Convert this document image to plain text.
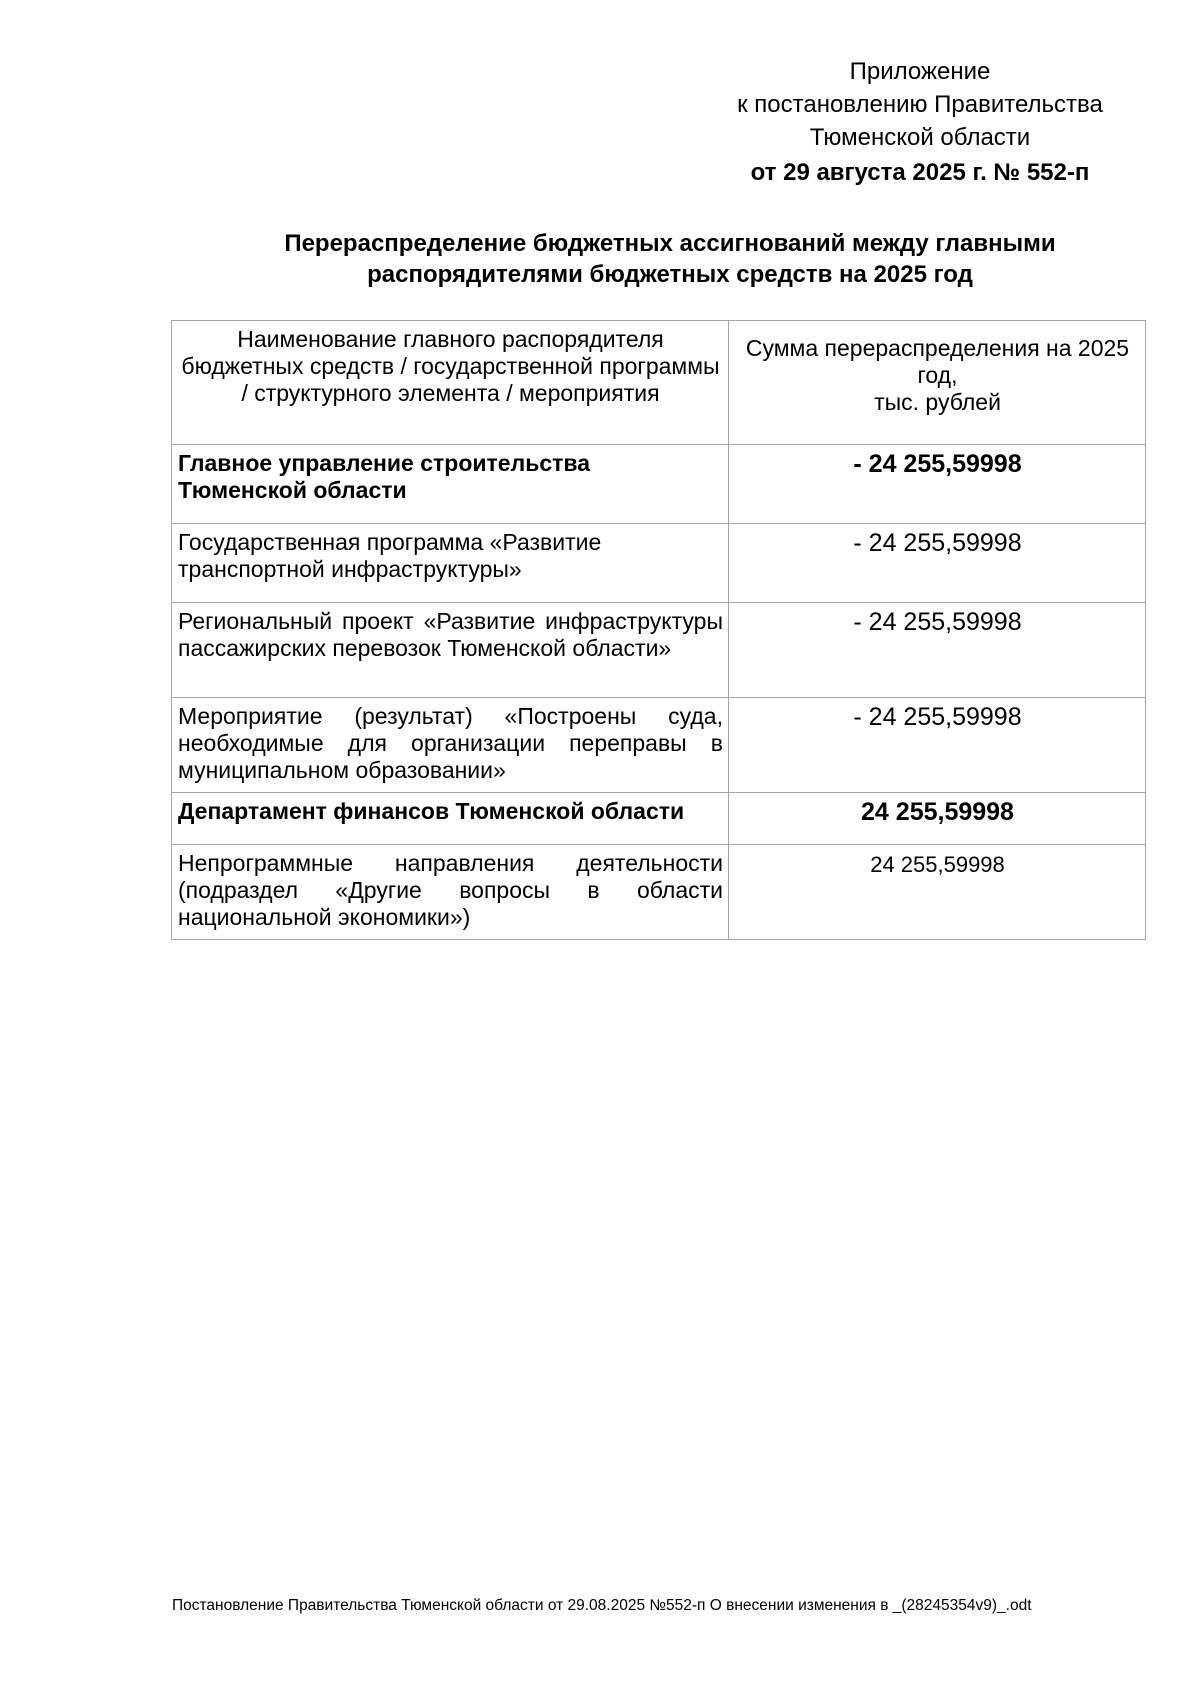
Приложение
к постановлению Правительства
Тюменской области
от 29 августа 2025 г. № 552-п
Перераспределение бюджетных ассигнований между главными
распорядителями бюджетных средств на 2025 год
Наименование главного распорядителя бюджетных средств / государственной программы / структурного элемента / мероприятия	Сумма перераспределения на 2025 год,
тыс. рублей

Главное управление строительства Тюменской области	- 24 255,59998
Государственная программа «Развитие транспортной инфраструктуры»	- 24 255,59998
Региональный проект «Развитие инфраструктуры пассажирских перевозок Тюменской области»	- 24 255,59998
Мероприятие (результат) «Построены суда, необходимые для организации переправы в муниципальном образовании»	- 24 255,59998
Департамент финансов Тюменской области	24 255,59998
Непрограммные направления деятельности (подраздел «Другие вопросы в области национальной экономики»)	24 255,59998
Постановление Правительства Тюменской области от 29.08.2025 №552-п О внесении изменения в _(28245354v9)_.odt
